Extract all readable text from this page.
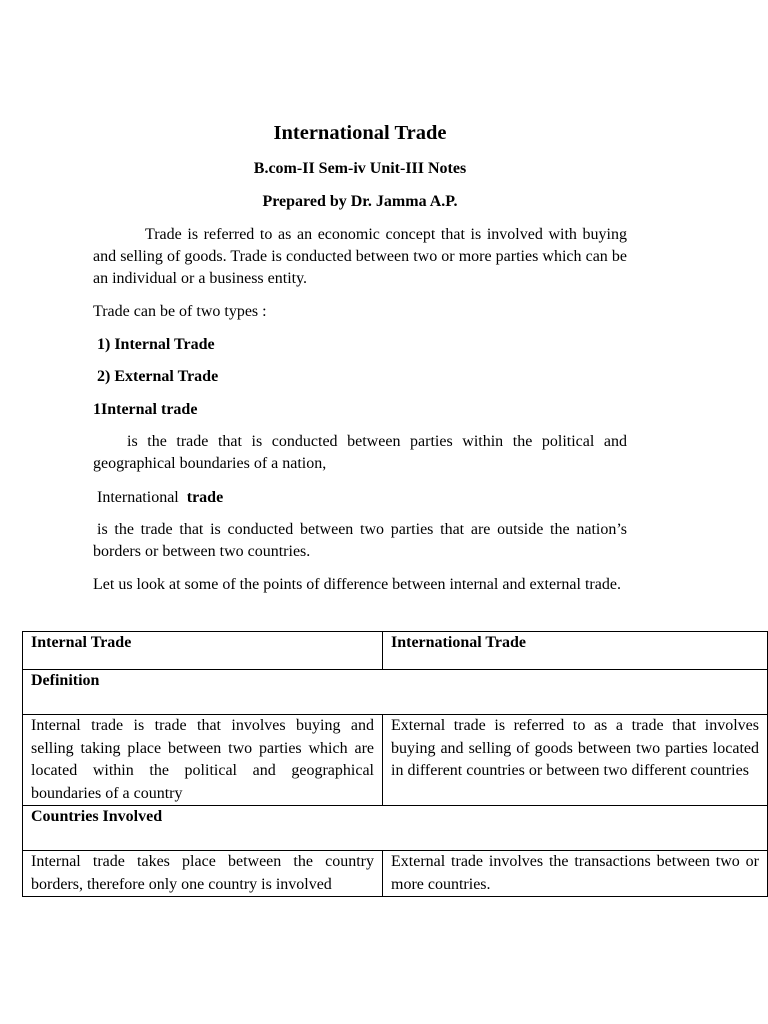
International Trade
B.com-II Sem-iv Unit-III Notes
Prepared by Dr. Jamma A.P.

Trade is referred to as an economic concept that is involved with buying and selling of goods. Trade is conducted between two or more parties which can be an individual or a business entity.

Trade can be of two types :

1) Internal Trade

2) External Trade

1Internal trade

is the trade that is conducted between parties within the political and geographical boundaries of a nation,

International trade

is the trade that is conducted between two parties that are outside the nation’s borders or between two countries.

Let us look at some of the points of difference between internal and external trade.

Internal Trade	International Trade
Definition	
Internal trade is trade that involves buying and selling taking place between two parties which are located within the political and geographical boundaries of a country	External trade is referred to as a trade that involves buying and selling of goods between two parties located in different countries or between two different countries
Countries Involved	
Internal trade takes place between the country borders, therefore only one country is involved	External trade involves the transactions between two or more countries.
